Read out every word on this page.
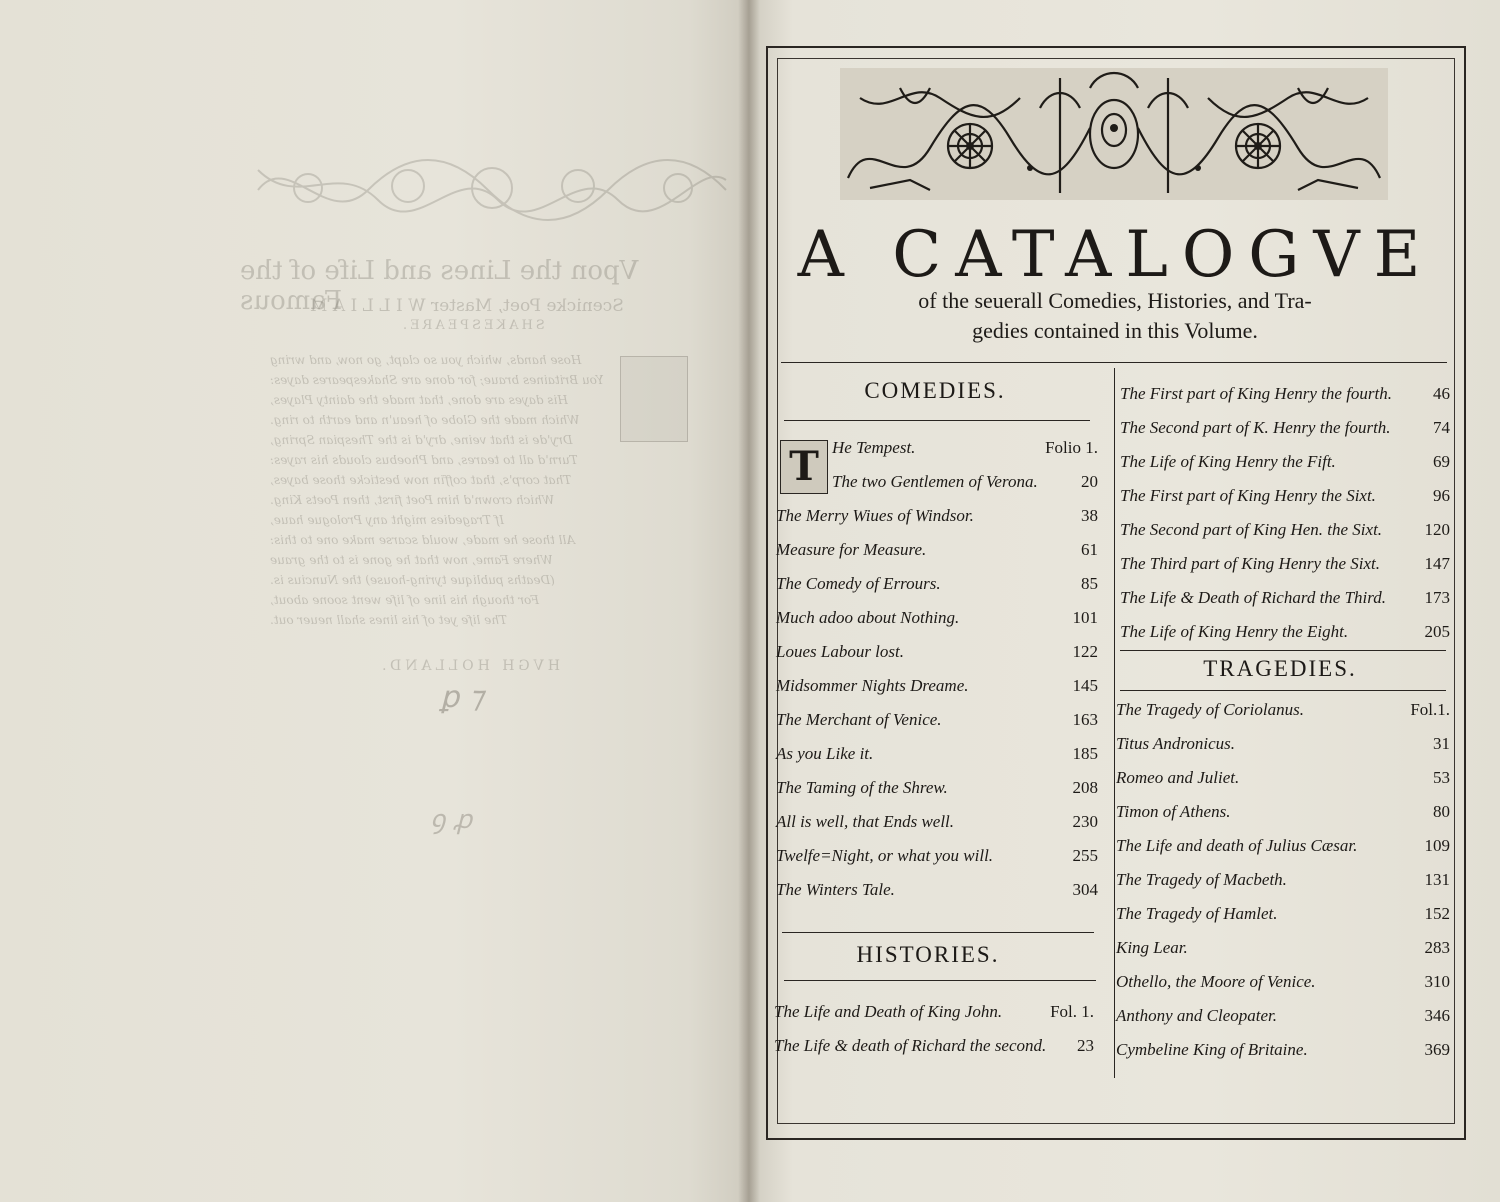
Vpon the Lines and Life of the Famous
Scenicke Poet, Master W I L L I A M
SHAKESPEARE.
Hose hands, which you so clapt, go now, and wring
You Britaines braue; for done are Shakespeares dayes:
His dayes are done, that made the dainty Playes,
Which made the Globe of heau'n and earth to ring.
Dry'de is that veine, dry'd is the Thespian Spring,
Turn'd all to teares, and Phoebus clouds his rayes:
That corp's, that coffin now besticke those bayes,
Which crown'd him Poet first, then Poets King.
If Tragedies might any Prologue haue,
All those he made, would scarse make one to this:
Where Fame, now that he gone is to the graue
(Deaths publique tyring-house) the Nuncius is.
For though his line of life went soone about,
The life yet of his lines shall neuer out.
HVGH HOLLAND.
ꝑ ⁊
ꝯ ꝓ
A CATALOGVE
of the seuerall Comedies, Histories, and Tra-
gedies contained in this Volume.
COMEDIES.
T He Tempest.	Folio 1.
The two Gentlemen of Verona.	20
The Merry Wiues of Windsor.	38
Measure for Measure.	61
The Comedy of Errours.	85
Much adoo about Nothing.	101
Loues Labour lost.	122
Midsommer Nights Dreame.	145
The Merchant of Venice.	163
As you Like it.	185
The Taming of the Shrew.	208
All is well, that Ends well.	230
Twelfe=Night, or what you will.	255
The Winters Tale.	304
HISTORIES.
The Life and Death of King John.	Fol. 1.
The Life & death of Richard the second. 23
The First part of King Henry the fourth. 46
The Second part of K. Henry the fourth. 74
The Life of King Henry the Fift.	69
The First part of King Henry the Sixt.	96
The Second part of King Hen. the Sixt. 120
The Third part of King Henry the Sixt.	147
The Life & Death of Richard the Third. 173
The Life of King Henry the Eight.	205
TRAGEDIES.
The Tragedy of Coriolanus.	Fol.1.
Titus Andronicus.	31
Romeo and Juliet.	53
Timon of Athens.	80
The Life and death of Julius Cæsar.	109
The Tragedy of Macbeth.	131
The Tragedy of Hamlet.	152
King Lear.	283
Othello, the Moore of Venice.	310
Anthony and Cleopater.	346
Cymbeline King of Britaine.	369
